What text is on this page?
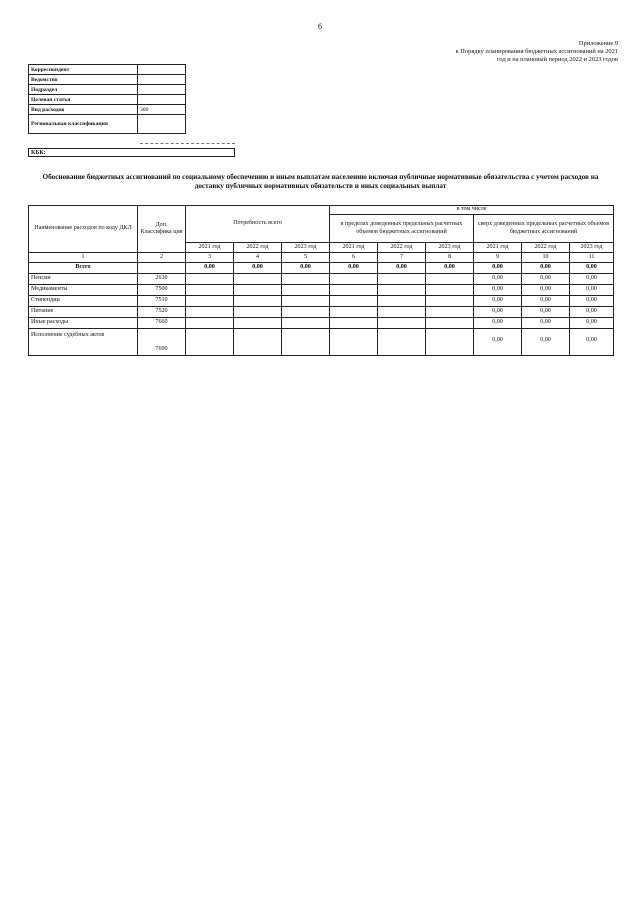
6
Приложение 9
к Порядку планирования бюджетных ассигнований на 2021
год и на плановый период 2022 и 2023 годов
Корреспондент	
Ведомство	
Подраздел	
Целевая статья	
Вид расходов	300
Региональная классификация	
КБК:
Обоснование бюджетных ассигнований по социальному обеспечению и иным выплатам населению включая публичные нормативные обязательства с учетом расходов на доставку публичных нормативных обязательств и иных социальных выплат
Наименование расходов по коду ДКЛ	Доп. Классифика ция	Потребность всего			в том числе					
					в пределах доведенных предельных расчетных объемов бюджетных ассигнований			сверх доведенных предельных расчетных объемов бюджетных ассигнований		
		2021 год	2022 год	2023 год	2021 год	2022 год	2023 год	2021 год	2022 год	2023 год
1	2	3	4	5	6	7	8	9	10	11
Всего		0,00	0,00	0,00	0,00	0,00	0,00	0,00	0,00	0,00
Пенсии	2630							0,00	0,00	0,00
Медикаменты	7500							0,00	0,00	0,00
Стипендии	7510							0,00	0,00	0,00
Питание	7520							0,00	0,00	0,00
Иные расходы	7660							0,00	0,00	0,00
Исполнение судебных актов	7690							0,00	0,00	0,00
